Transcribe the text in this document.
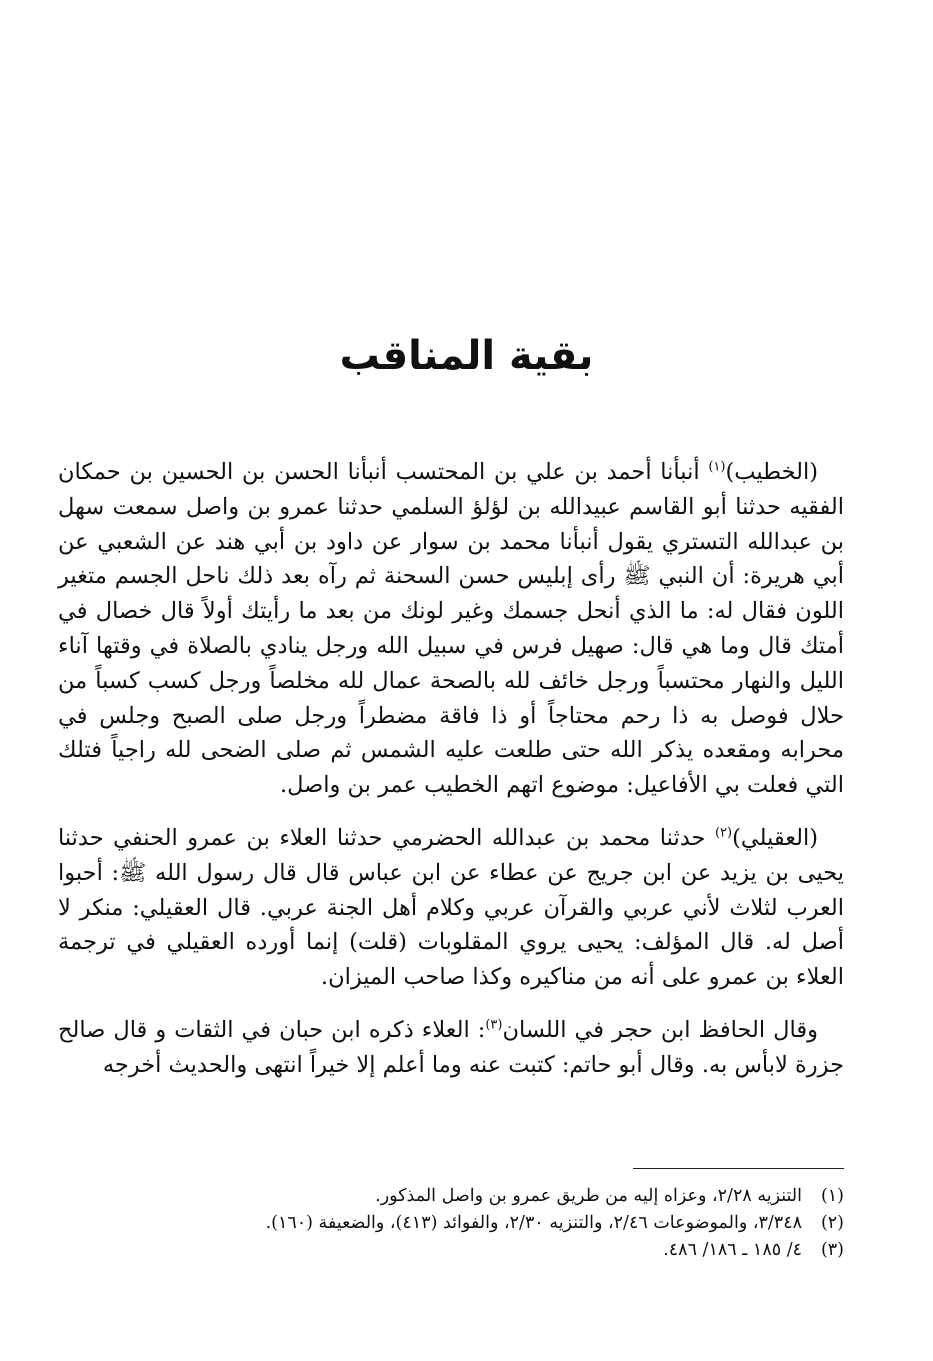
بقية المناقب

(الخطيب)$^{(١)}$ أنبأنا أحمد بن علي بن المحتسب أنبأنا الحسن بن الحسين بن حمكان الفقيه حدثنا أبو القاسم عبيدالله بن لؤلؤ السلمي حدثنا عمرو بن واصل سمعت سهل بن عبدالله التستري يقول أنبأنا محمد بن سوار عن داود بن أبي هند عن الشعبي عن أبي هريرة: أن النبي ﷺ رأى إبليس حسن السحنة ثم رآه بعد ذلك ناحل الجسم متغير اللون فقال له: ما الذي أنحل جسمك وغير لونك من بعد ما رأيتك أولاً قال خصال في أمتك قال وما هي قال: صهيل فرس في سبيل الله ورجل ينادي بالصلاة في وقتها آناء الليل والنهار محتسباً ورجل خائف لله بالصحة عمال لله مخلصاً ورجل كسب كسباً من حلال فوصل به ذا رحم محتاجاً أو ذا فاقة مضطراً ورجل صلى الصبح وجلس في محرابه ومقعده يذكر الله حتى طلعت عليه الشمس ثم صلى الضحى لله راجياً فتلك التي فعلت بي الأفاعيل: موضوع اتهم الخطيب عمر بن واصل.

(العقيلي)$^{(٢)}$ حدثنا محمد بن عبدالله الحضرمي حدثنا العلاء بن عمرو الحنفي حدثنا يحيى بن يزيد عن ابن جريج عن عطاء عن ابن عباس قال قال رسول الله ﷺ: أحبوا العرب لثلاث لأني عربي والقرآن عربي وكلام أهل الجنة عربي. قال العقيلي: منكر لا أصل له. قال المؤلف: يحيى يروي المقلوبات (قلت) إنما أورده العقيلي في ترجمة العلاء بن عمرو على أنه من مناكيره وكذا صاحب الميزان.

وقال الحافظ ابن حجر في اللسان$^{(٣)}$: العلاء ذكره ابن حبان في الثقات و قال صالح جزرة لابأس به. وقال أبو حاتم: كتبت عنه وما أعلم إلا خيراً انتهى والحديث أخرجه

(١)
التنزيه ٢/٢٨، وعزاه إليه من طريق عمرو بن واصل المذكور.
(٢)
٣/٣٤٨، والموضوعات ٢/٤٦، والتنزيه ٢/٣٠، والفوائد (٤١٣)، والضعيفة (١٦٠).
(٣)
٤/ ١٨٥ ـ ١٨٦/ ٤٨٦.
